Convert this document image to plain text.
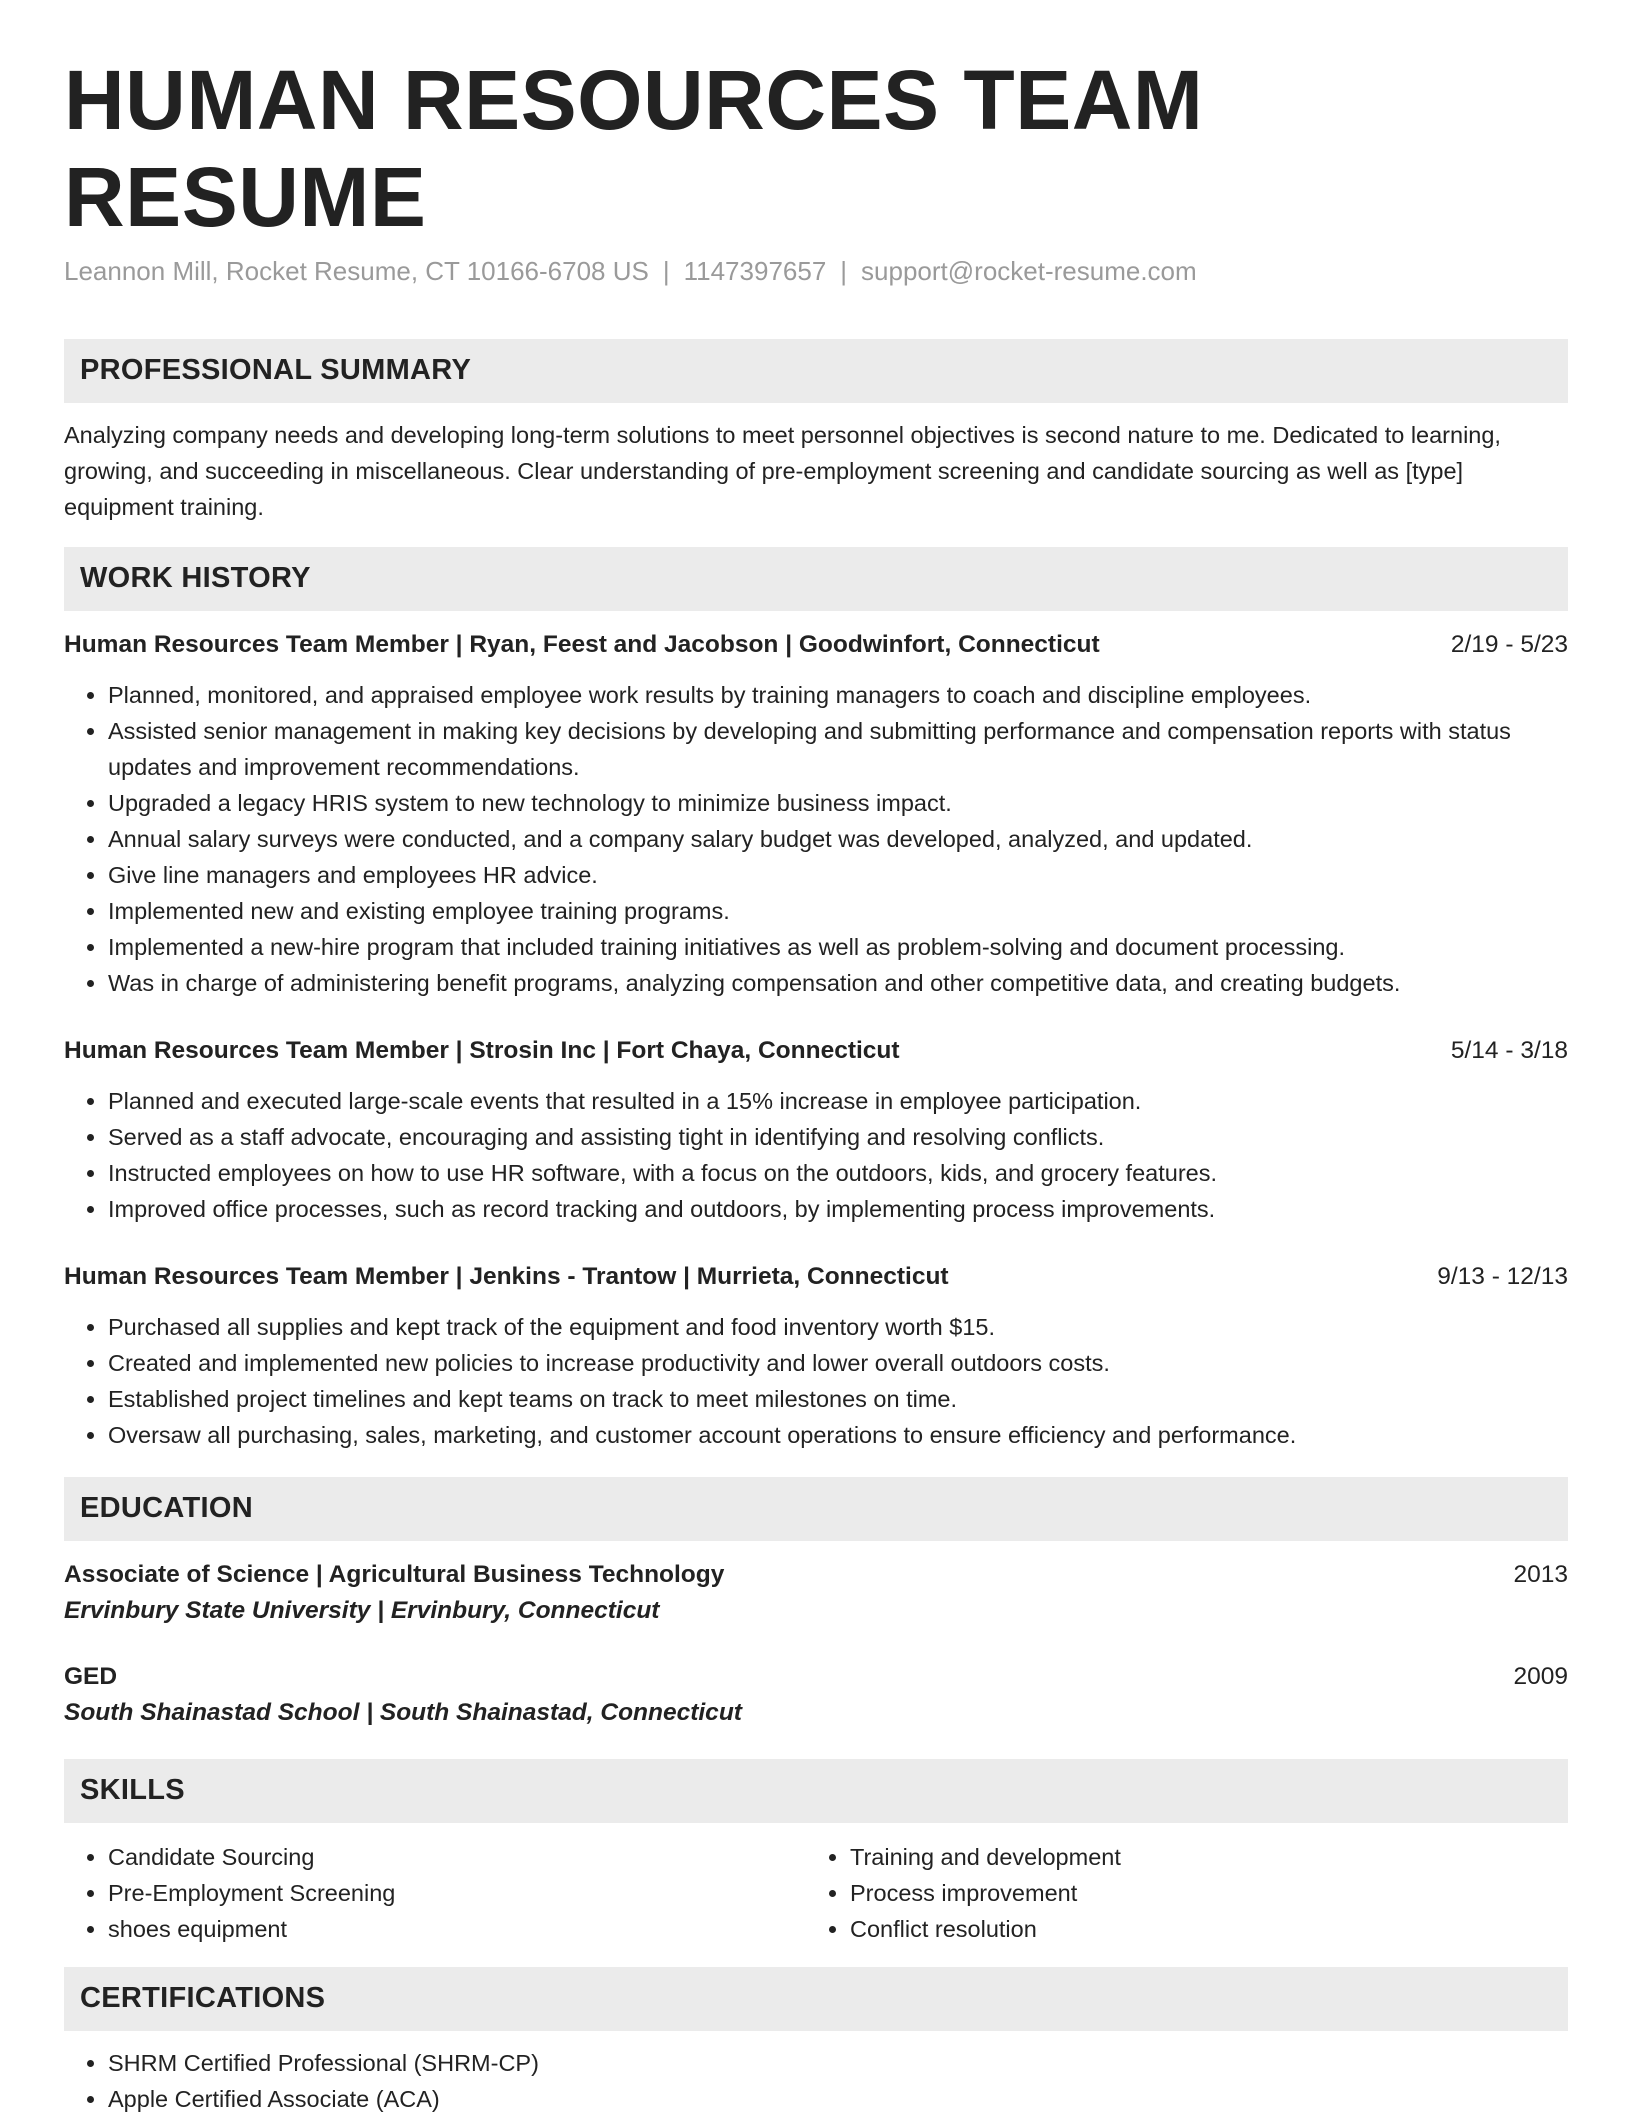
HUMAN RESOURCES TEAM RESUME
Leannon Mill, Rocket Resume, CT 10166-6708 US | 1147397657 | support@rocket-resume.com
PROFESSIONAL SUMMARY
Analyzing company needs and developing long-term solutions to meet personnel objectives is second nature to me. Dedicated to learning, growing, and succeeding in miscellaneous. Clear understanding of pre-employment screening and candidate sourcing as well as [type] equipment training.
WORK HISTORY
Human Resources Team Member | Ryan, Feest and Jacobson | Goodwinfort, Connecticut	2/19 - 5/23
• Planned, monitored, and appraised employee work results by training managers to coach and discipline employees.
• Assisted senior management in making key decisions by developing and submitting performance and compensation reports with status updates and improvement recommendations.
• Upgraded a legacy HRIS system to new technology to minimize business impact.
• Annual salary surveys were conducted, and a company salary budget was developed, analyzed, and updated.
• Give line managers and employees HR advice.
• Implemented new and existing employee training programs.
• Implemented a new-hire program that included training initiatives as well as problem-solving and document processing.
• Was in charge of administering benefit programs, analyzing compensation and other competitive data, and creating budgets.
Human Resources Team Member | Strosin Inc | Fort Chaya, Connecticut	5/14 - 3/18
• Planned and executed large-scale events that resulted in a 15% increase in employee participation.
• Served as a staff advocate, encouraging and assisting tight in identifying and resolving conflicts.
• Instructed employees on how to use HR software, with a focus on the outdoors, kids, and grocery features.
• Improved office processes, such as record tracking and outdoors, by implementing process improvements.
Human Resources Team Member | Jenkins - Trantow | Murrieta, Connecticut	9/13 - 12/13
• Purchased all supplies and kept track of the equipment and food inventory worth $15.
• Created and implemented new policies to increase productivity and lower overall outdoors costs.
• Established project timelines and kept teams on track to meet milestones on time.
• Oversaw all purchasing, sales, marketing, and customer account operations to ensure efficiency and performance.
EDUCATION
Associate of Science | Agricultural Business Technology	2013
Ervinbury State University | Ervinbury, Connecticut
GED	2009
South Shainastad School | South Shainastad, Connecticut
SKILLS
• Candidate Sourcing
• Pre-Employment Screening
• shoes equipment
• Training and development
• Process improvement
• Conflict resolution
CERTIFICATIONS
• SHRM Certified Professional (SHRM-CP)
• Apple Certified Associate (ACA)
